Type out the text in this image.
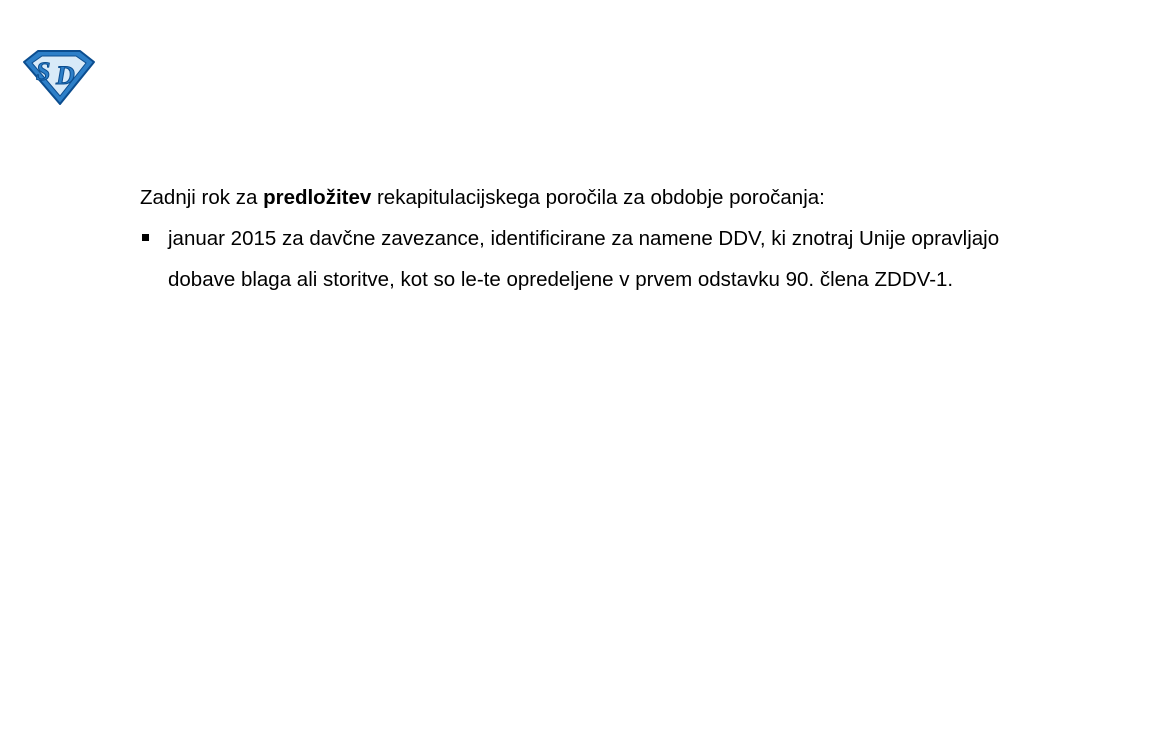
S D

Zadnji rok za predložitev rekapitulacijskega poročila za obdobje poročanja:

januar 2015 za davčne zavezance, identificirane za namene DDV, ki znotraj Unije opravljajo dobave blaga ali storitve, kot so le-te opredeljene v prvem odstavku 90. člena ZDDV-1.
